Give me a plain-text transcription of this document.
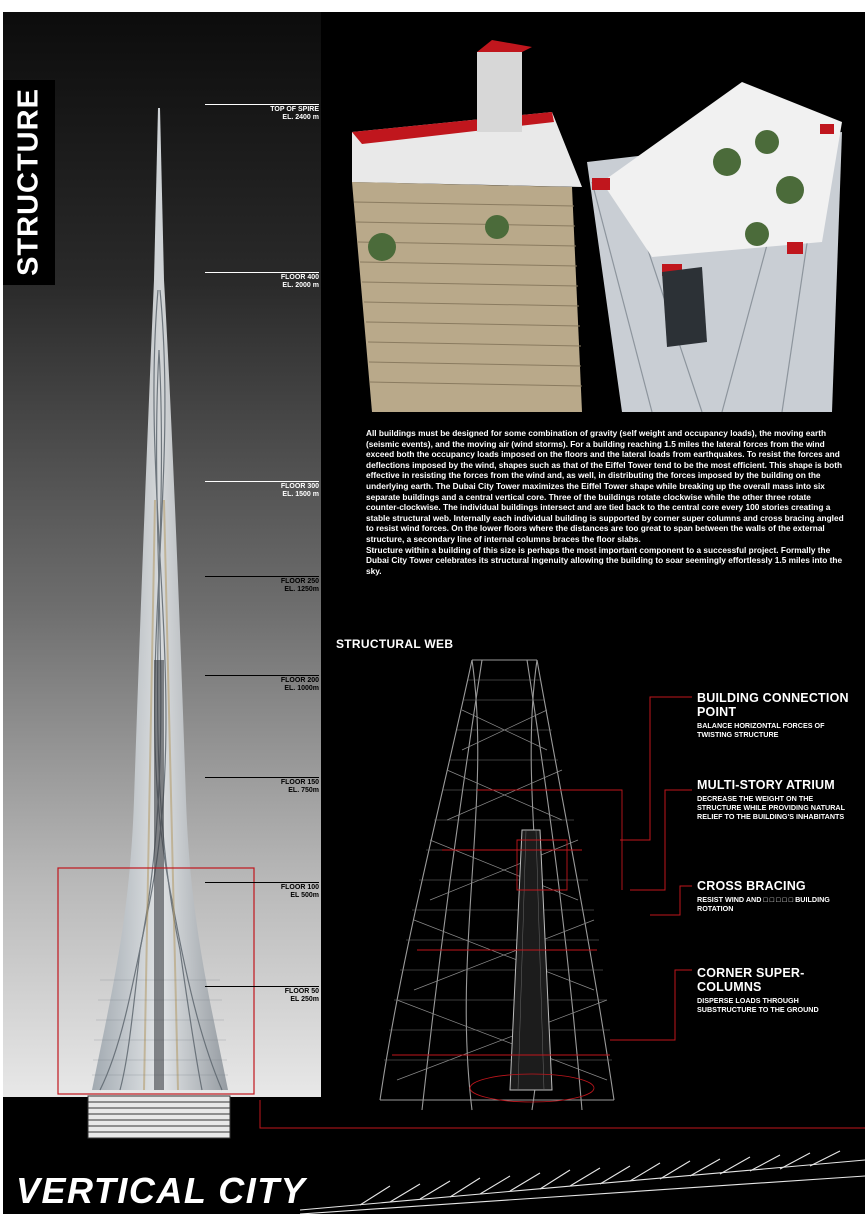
STRUCTURE	TOP OF SPIRE
EL. 2400 m
FLOOR 400
EL. 2000 m
FLOOR 300
EL. 1500 m
FLOOR 250
EL. 1250m
FLOOR 200
EL. 1000m
FLOOR 150
EL. 750m
FLOOR 100
EL 500m
FLOOR 50
EL 250m

All buildings must be designed for some combination of gravity (self weight and occupancy loads), the moving earth (seismic events), and the moving air (wind storms). For a building reaching 1.5 miles the lateral forces from the wind exceed both the occupancy loads imposed on the floors and the lateral loads from earthquakes. To resist the forces and deflections imposed by the wind, shapes such as that of the Eiffel Tower tend to be the most efficient. This shape is both effective in resisting the forces from the wind and, as well, in distributing the forces imposed by the building on the underlying earth. The Dubai City Tower maximizes the Eiffel Tower shape while breaking up the overall mass into six separate buildings and a central vertical core. Three of the buildings rotate clockwise while the other three rotate counter-clockwise. The individual buildings intersect and are tied back to the central core every 100 stories creating a stable structural web. Internally each individual building is supported by corner super columns and cross bracing angled to resist wind forces. On the lower floors where the distances are too great to span between the walls of the external structure, a secondary line of internal columns braces the floor slabs.

Structure within a building of this size is perhaps the most important component to a successful project. Formally the Dubai City Tower celebrates its structural ingenuity allowing the building to soar seemingly effortlessly 1.5 miles into the sky.

STRUCTURAL WEB
BUILDING CONNECTION POINT
BALANCE HORIZONTAL FORCES OF TWISTING STRUCTURE
MULTI-STORY ATRIUM
DECREASE THE WEIGHT ON THE STRUCTURE WHILE PROVIDING NATURAL RELIEF TO THE BUILDING'S INHABITANTS
CROSS BRACING
RESIST WIND AND □ □ □ □ □ BUILDING ROTATION
CORNER SUPER-COLUMNS
DISPERSE LOADS THROUGH SUBSTRUCTURE TO THE GROUND
VERTICAL CITY
